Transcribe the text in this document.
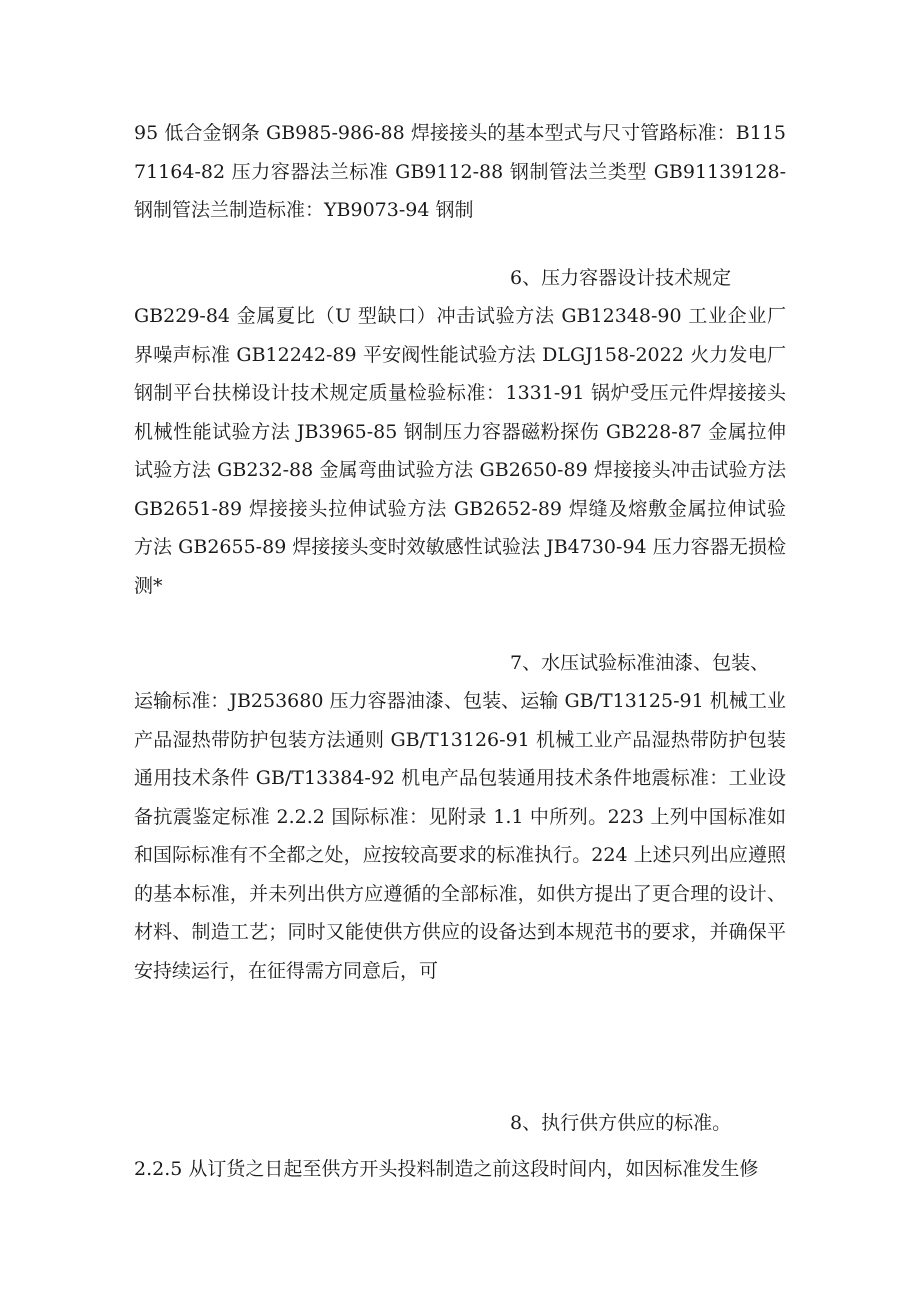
95 低合金钢条 GB985-986-88 焊接接头的基本型式与尺寸管路标准：B11571164-82 压力容器法兰标准 GB9112-88 钢制管法兰类型 GB91139128-钢制管法兰制造标准：YB9073-94 钢制

6、压力容器设计技术规定

GB229-84 金属夏比（U 型缺口）冲击试验方法 GB12348-90 工业企业厂界噪声标准 GB12242-89 平安阀性能试验方法 DLGJ158-2022 火力发电厂钢制平台扶梯设计技术规定质量检验标准：1331-91 锅炉受压元件焊接接头机械性能试验方法 JB3965-85 钢制压力容器磁粉探伤 GB228-87 金属拉伸试验方法 GB232-88 金属弯曲试验方法 GB2650-89 焊接接头冲击试验方法 GB2651-89 焊接接头拉伸试验方法 GB2652-89 焊缝及熔敷金属拉伸试验方法 GB2655-89 焊接接头变时效敏感性试验法 JB4730-94 压力容器无损检测*

7、水压试验标准油漆、包装、

运输标准：JB253680 压力容器油漆、包装、运输 GB/T13125-91 机械工业产品湿热带防护包装方法通则 GB/T13126-91 机械工业产品湿热带防护包装通用技术条件 GB/T13384-92 机电产品包装通用技术条件地震标准：工业设备抗震鉴定标准 2.2.2 国际标准：见附录 1.1 中所列。223 上列中国标准如和国际标准有不全都之处，应按较高要求的标准执行。224 上述只列出应遵照的基本标准，并未列出供方应遵循的全部标准，如供方提出了更合理的设计、材料、制造工艺；同时又能使供方供应的设备达到本规范书的要求，并确保平安持续运行，在征得需方同意后，可

8、执行供方供应的标准。

2.2.5 从订货之日起至供方开头投料制造之前这段时间内，如因标准发生修
